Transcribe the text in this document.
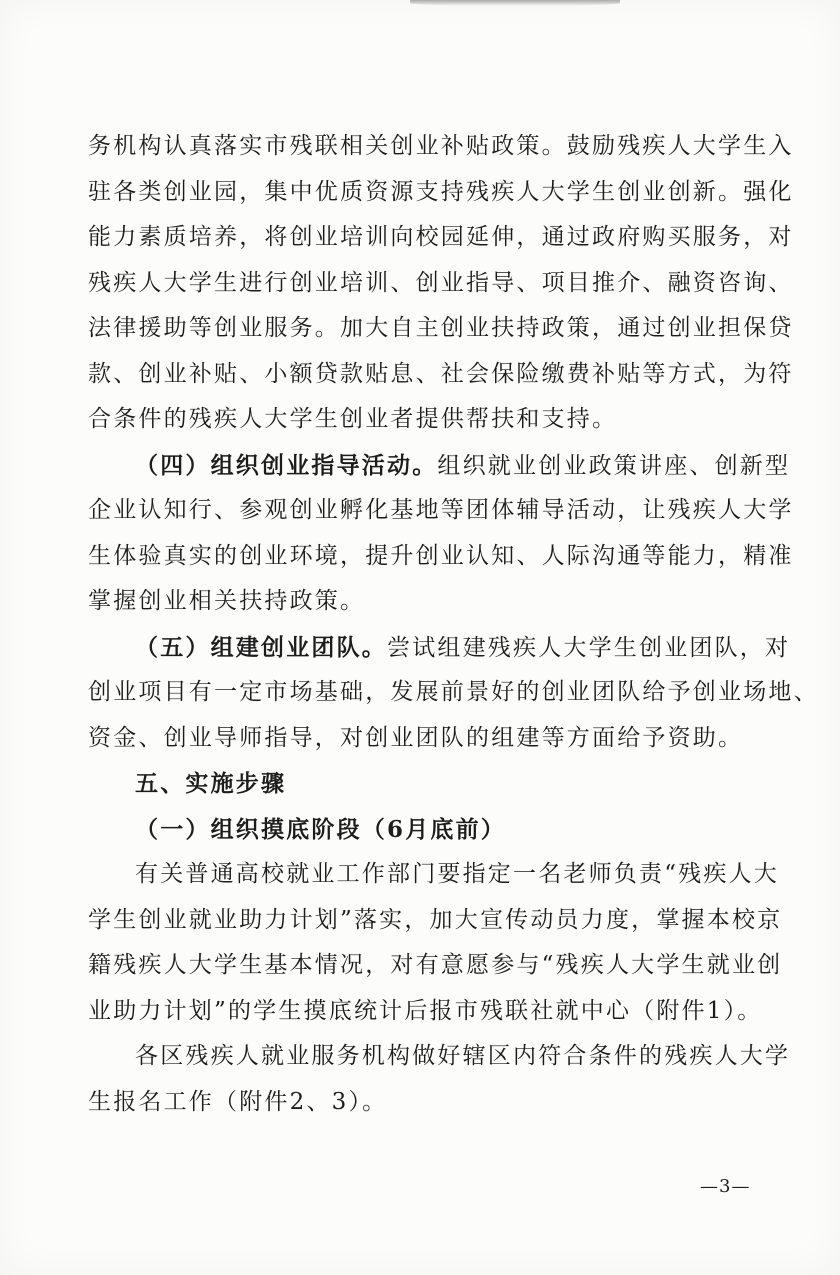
务机构认真落实市残联相关创业补贴政策。鼓励残疾人大学生入
驻各类创业园，集中优质资源支持残疾人大学生创业创新。强化
能力素质培养，将创业培训向校园延伸，通过政府购买服务，对
残疾人大学生进行创业培训、创业指导、项目推介、融资咨询、
法律援助等创业服务。加大自主创业扶持政策，通过创业担保贷
款、创业补贴、小额贷款贴息、社会保险缴费补贴等方式，为符
合条件的残疾人大学生创业者提供帮扶和支持。
（四）组织创业指导活动。组织就业创业政策讲座、创新型
企业认知行、参观创业孵化基地等团体辅导活动，让残疾人大学
生体验真实的创业环境，提升创业认知、人际沟通等能力，精准
掌握创业相关扶持政策。
（五）组建创业团队。尝试组建残疾人大学生创业团队，对
创业项目有一定市场基础，发展前景好的创业团队给予创业场地、
资金、创业导师指导，对创业团队的组建等方面给予资助。
五、实施步骤
（一）组织摸底阶段（6月底前）
有关普通高校就业工作部门要指定一名老师负责“残疾人大
学生创业就业助力计划”落实，加大宣传动员力度，掌握本校京
籍残疾人大学生基本情况，对有意愿参与“残疾人大学生就业创
业助力计划”的学生摸底统计后报市残联社就中心（附件1）。
各区残疾人就业服务机构做好辖区内符合条件的残疾人大学
生报名工作（附件2、3）。
—3—
